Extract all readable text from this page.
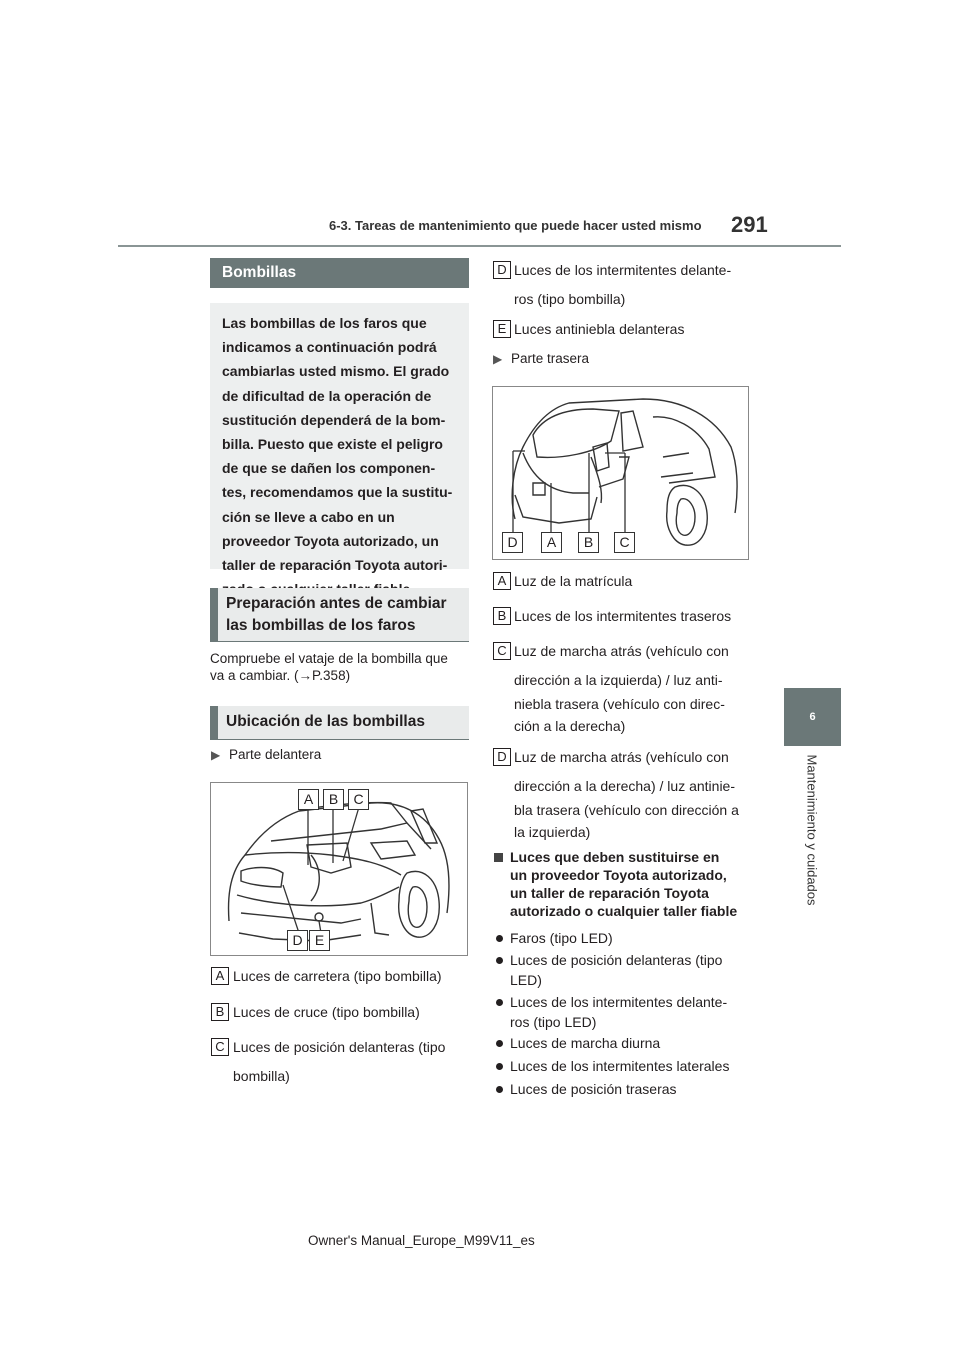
6-3. Tareas de mantenimiento que puede hacer usted mismo 291
6
Mantenimiento y cuidados
Bombillas
Las bombillas de los faros que
indicamos a continuación podrá
cambiarlas usted mismo. El grado
de dificultad de la operación de
sustitución dependerá de la bom-
billa. Puesto que existe el peligro
de que se dañen los componen-
tes, recomendamos que la sustitu-
ción se lleve a cabo en un
proveedor Toyota autorizado, un
taller de reparación Toyota autori-
Preparación antes de cambiar
las bombillas de los faros
Compruebe el vataje de la bombilla que
va a cambiar. (→P.358)
Ubicación de las bombillas
▶ Parte delantera
A	B	C
D E
A Luces de carretera (tipo bombilla)
B Luces de cruce (tipo bombilla)
C Luces de posición delanteras (tipo
bombilla)
D Luces de los intermitentes delante-
ros (tipo bombilla)
E Luces antiniebla delanteras
▶ Parte trasera
D	A	B	C
A Luz de la matrícula
B Luces de los intermitentes traseros
C Luz de marcha atrás (vehículo con
dirección a la izquierda) / luz anti-
niebla trasera (vehículo con direc-
ción a la derecha)
D Luz de marcha atrás (vehículo con
dirección a la derecha) / luz antinie-
bla trasera (vehículo con dirección a
la izquierda)
Luces que deben sustituirse en
un proveedor Toyota autorizado,
un taller de reparación Toyota
autorizado o cualquier taller fiable
Faros (tipo LED)
Luces de posición delanteras (tipo
LED)
Luces de los intermitentes delante-
ros (tipo LED)
Luces de marcha diurna
Luces de los intermitentes laterales
Luces de posición traseras
Owner's Manual_Europe_M99V11_es
